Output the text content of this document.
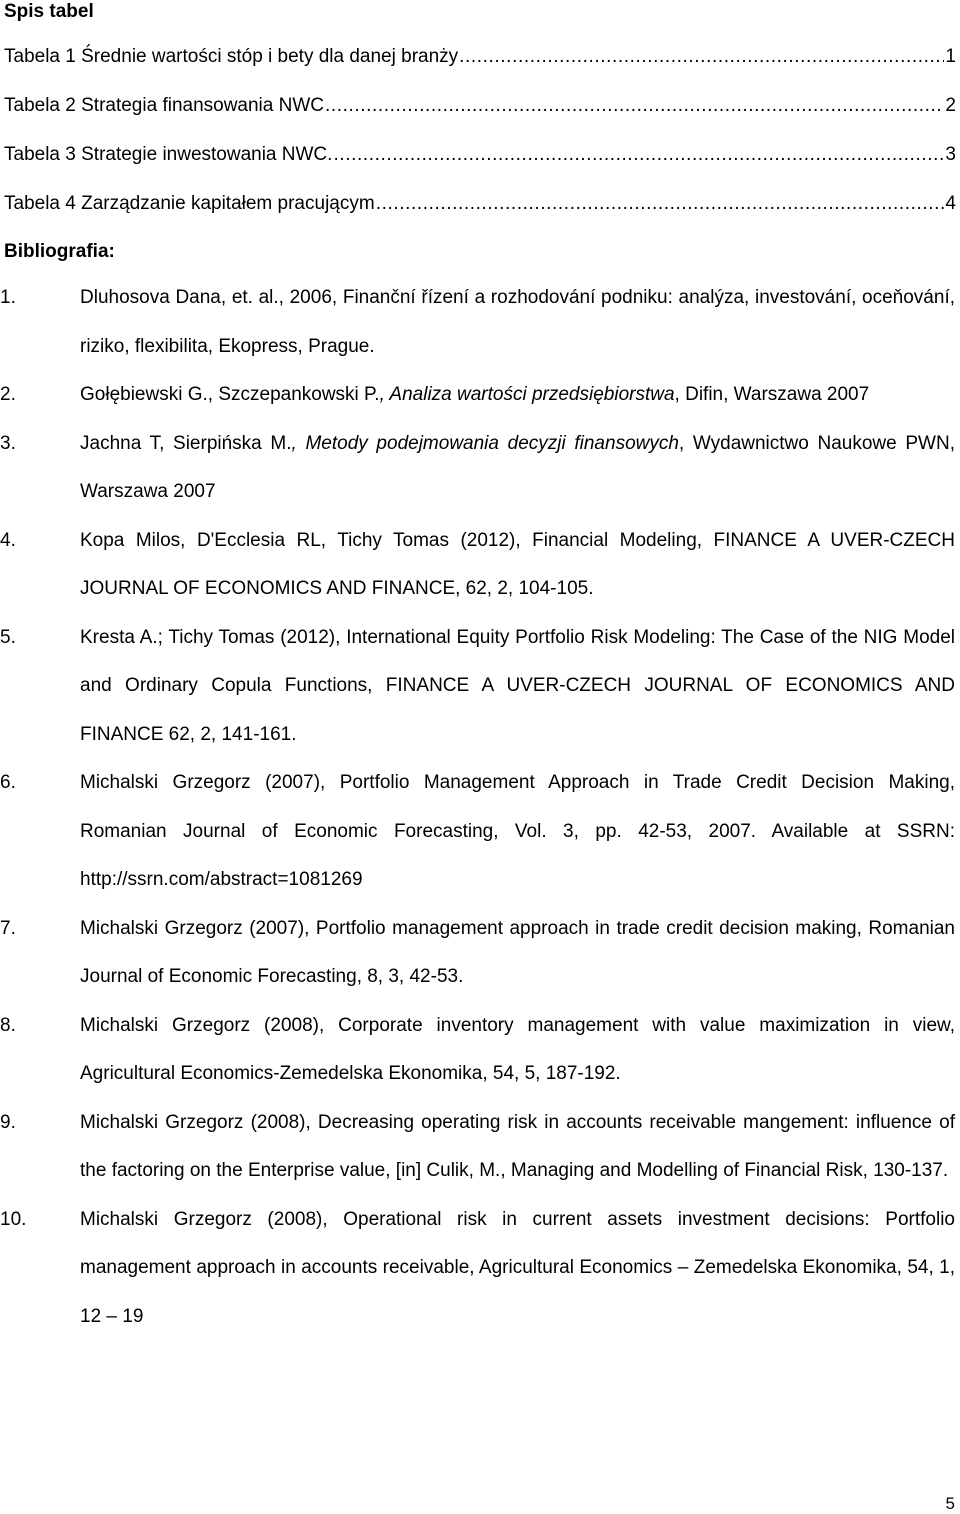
Spis tabel
Tabela 1 Średnie wartości stóp i bety dla danej branży .....	1
Tabela 2 Strategia finansowania NWC .....	2
Tabela 3 Strategie inwestowania NWC. .....	3
Tabela 4 Zarządzanie kapitałem pracującym .....	4
Bibliografia:
1.	Dluhosova Dana, et. al., 2006, Finanční řízení a rozhodování podniku: analýza, investování, oceňování, riziko, flexibilita, Ekopress, Prague.
2.	Gołębiewski G., Szczepankowski P., Analiza wartości przedsiębiorstwa, Difin, Warszawa 2007
3.	Jachna T, Sierpińska M., Metody podejmowania decyzji finansowych, Wydawnictwo Naukowe PWN, Warszawa 2007
4.	Kopa Milos, D'Ecclesia RL, Tichy Tomas (2012), Financial Modeling, FINANCE A UVER-CZECH JOURNAL OF ECONOMICS AND FINANCE, 62, 2, 104-105.
5.	Kresta A.; Tichy Tomas (2012), International Equity Portfolio Risk Modeling: The Case of the NIG Model and Ordinary Copula Functions, FINANCE A UVER-CZECH JOURNAL OF ECONOMICS AND FINANCE 62, 2, 141-161.
6.	Michalski Grzegorz (2007), Portfolio Management Approach in Trade Credit Decision Making, Romanian Journal of Economic Forecasting, Vol. 3, pp. 42-53, 2007. Available at SSRN: http://ssrn.com/abstract=1081269
7.	Michalski Grzegorz (2007), Portfolio management approach in trade credit decision making, Romanian Journal of Economic Forecasting, 8, 3, 42-53.
8.	Michalski Grzegorz (2008), Corporate inventory management with value maximization in view, Agricultural Economics-Zemedelska Ekonomika, 54, 5, 187-192.
9.	Michalski Grzegorz (2008), Decreasing operating risk in accounts receivable mangement: influence of the factoring on the Enterprise value, [in] Culik, M., Managing and Modelling of Financial Risk, 130-137.
10.	Michalski Grzegorz (2008), Operational risk in current assets investment decisions: Portfolio management approach in accounts receivable, Agricultural Economics – Zemedelska Ekonomika, 54, 1, 12 – 19
5
